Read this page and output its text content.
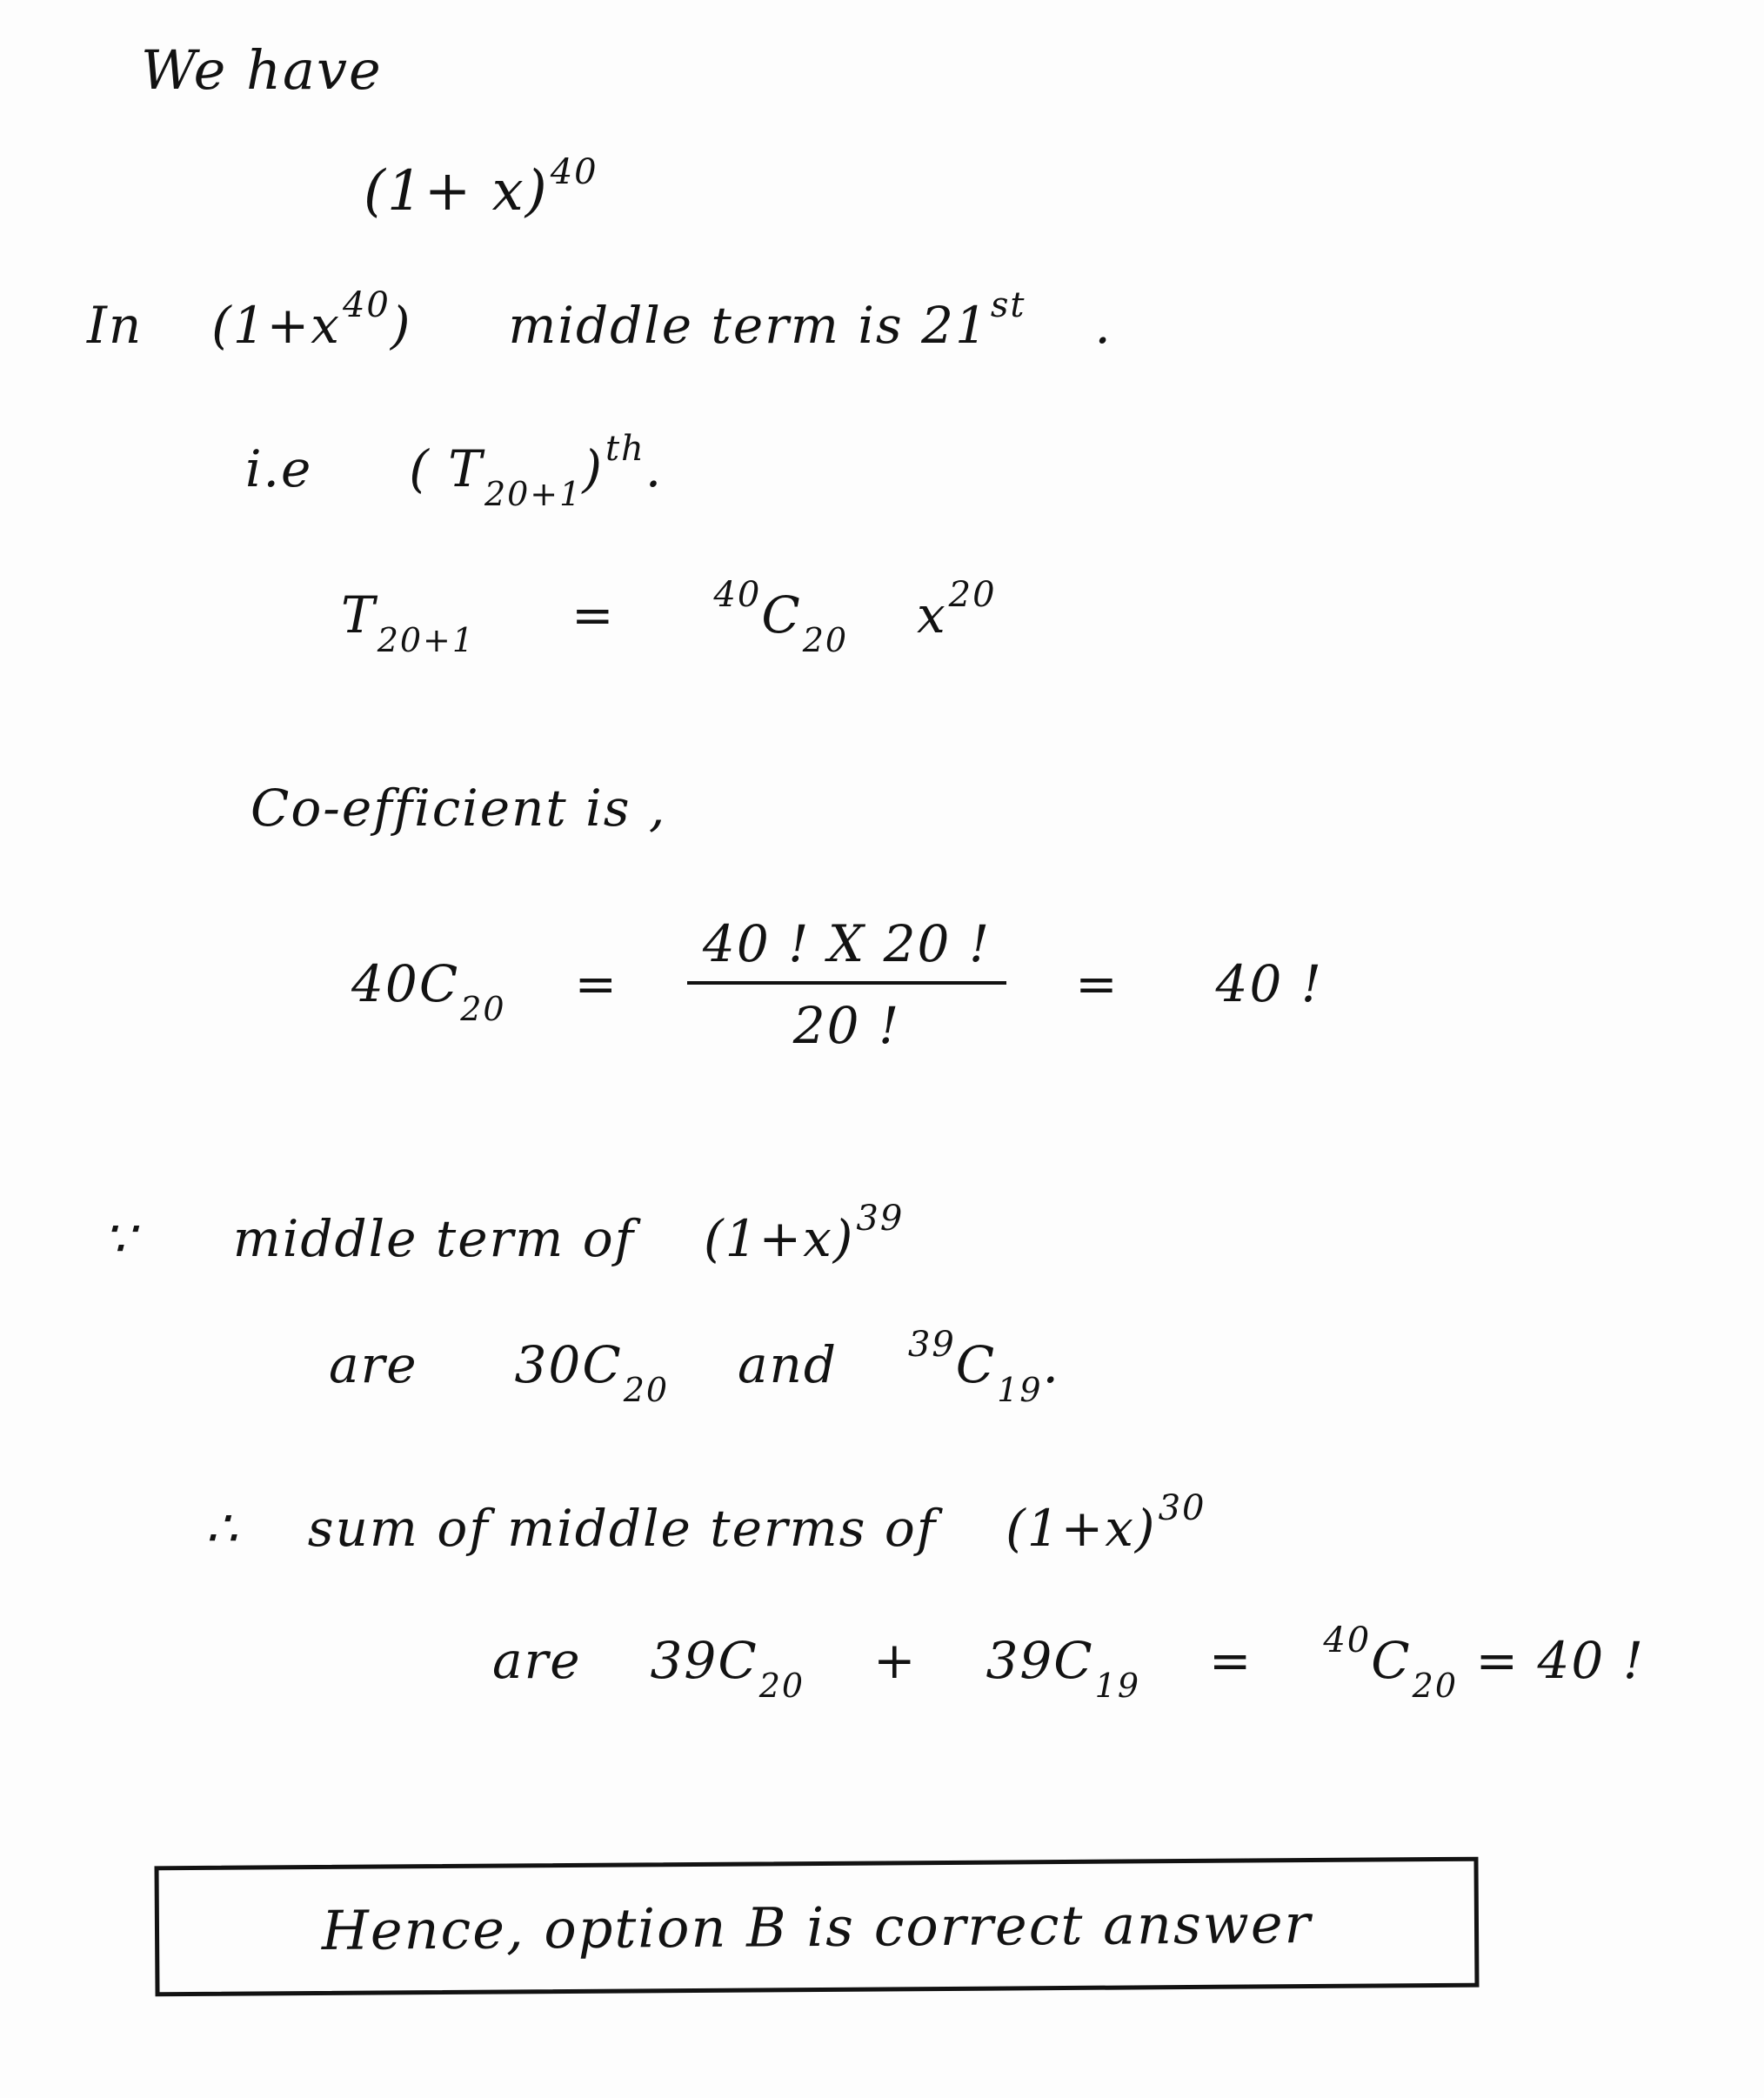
We have
$(1+ x)^{40}$
In $(1+x^{40})$ middle term is 21st .
i.e ( $T_{20+1})^{th}$.
$T_{20+1}$ =	$^{40}C_{20}$ $x^{20}$
Co-efficient is ,
$40C_{20} = \frac{40 ! X 20 !}{20 !} = 40$ !
∵ middle term of $(1+x)^{39}$
are $30C_{20}$ and $^{39}C_{19}$.
∴ sum of middle terms of $(1+x)^{30}$
are $39C_{20} + 39C_{19} = ^{40}C_{20} = 40$ !
Hence, option B is correct answer
